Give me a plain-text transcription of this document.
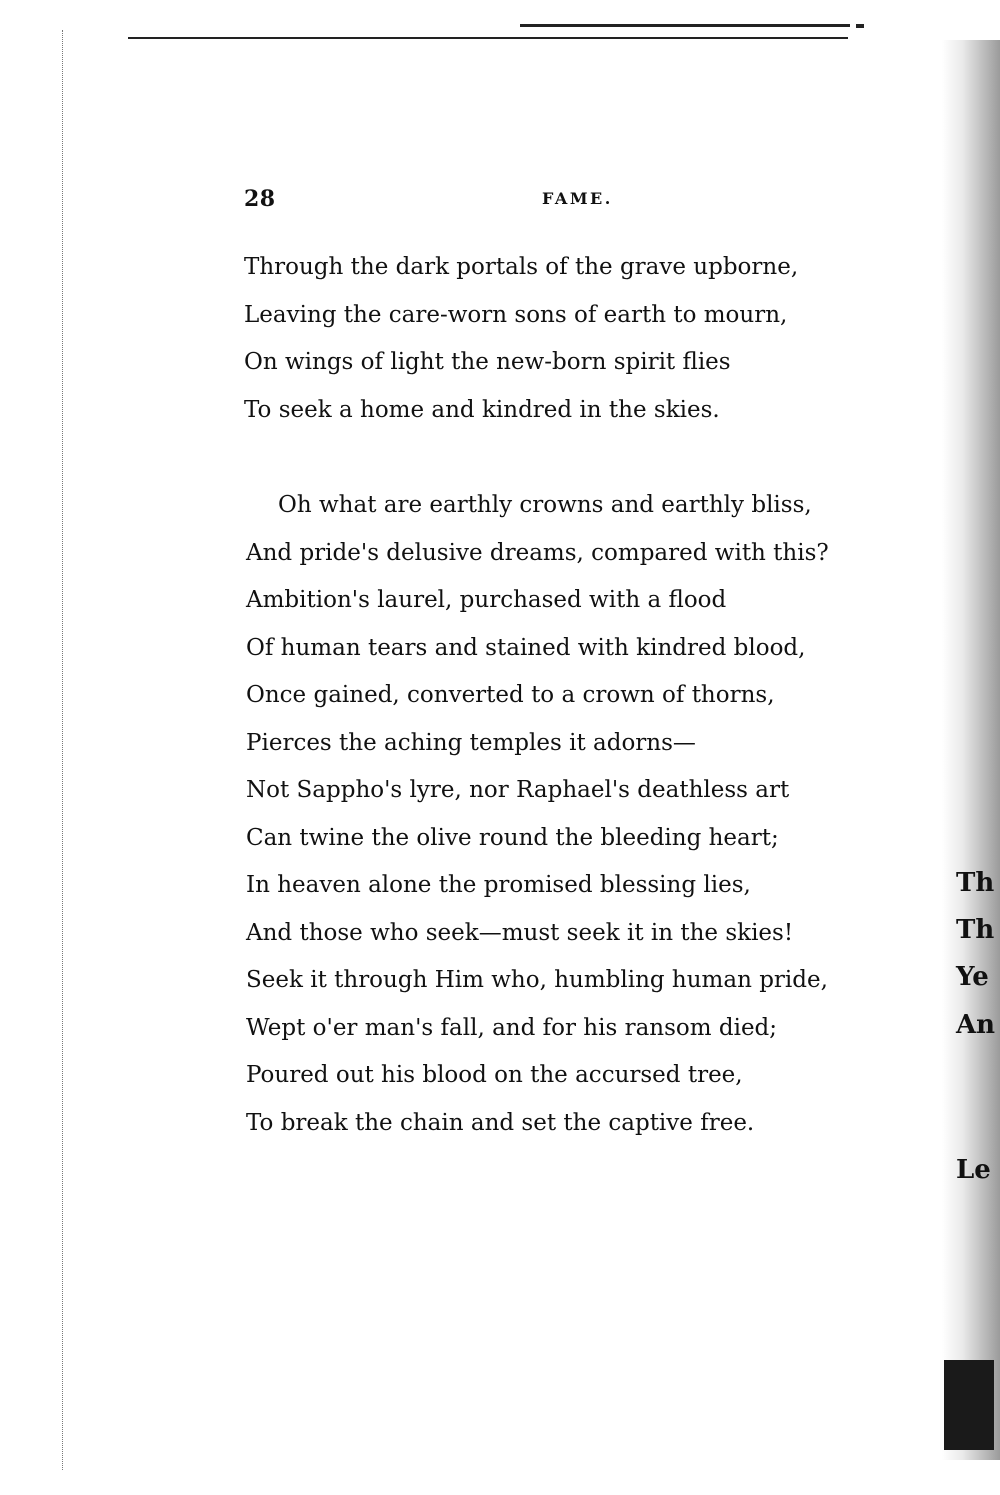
Th
Th
Ye
An
Le
28	FAME.
Through the dark portals of the grave upborne,
Leaving the care-worn sons of earth to mourn,
On wings of light the new-born spirit flies
To seek a home and kindred in the skies.
Oh what are earthly crowns and earthly bliss,
And pride's delusive dreams, compared with this?
Ambition's laurel, purchased with a flood
Of human tears and stained with kindred blood,
Once gained, converted to a crown of thorns,
Pierces the aching temples it adorns—
Not Sappho's lyre, nor Raphael's deathless art
Can twine the olive round the bleeding heart;
In heaven alone the promised blessing lies,
And those who seek—must seek it in the skies!
Seek it through Him who, humbling human pride,
Wept o'er man's fall, and for his ransom died;
Poured out his blood on the accursed tree,
To break the chain and set the captive free.
